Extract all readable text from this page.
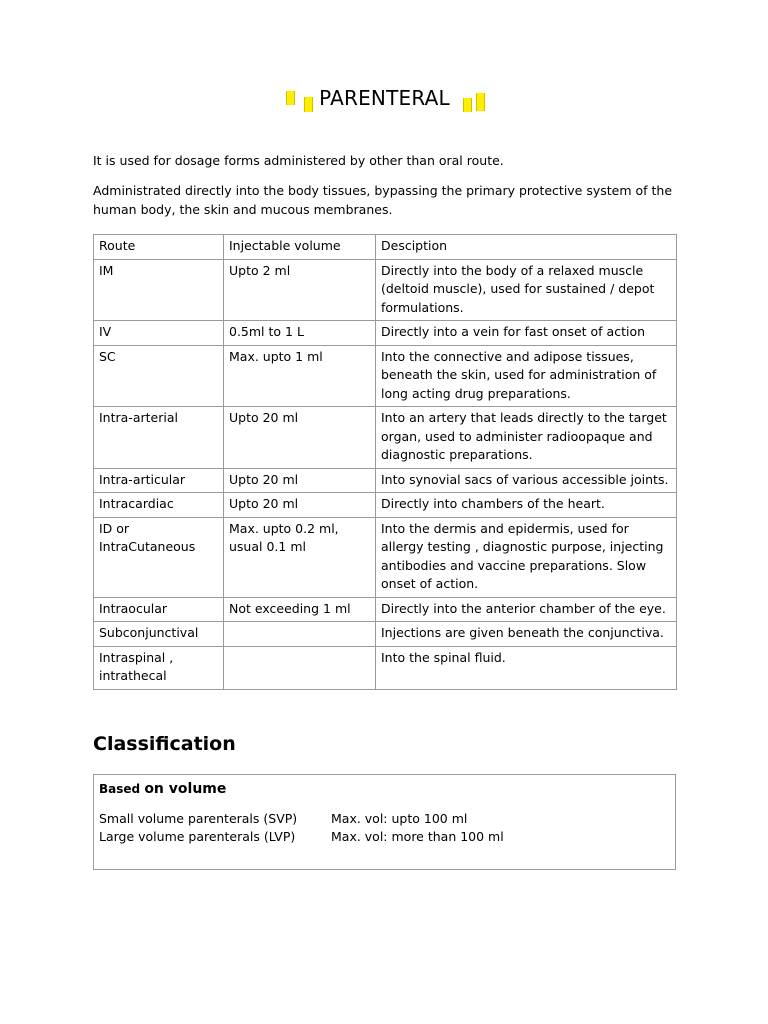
PARENTERAL
It is used for dosage forms administered by other than oral route.
Administrated directly into the body tissues, bypassing the primary protective system of the human body, the skin and mucous membranes.
Route	Injectable volume	Desciption
IM	Upto 2 ml	Directly into the body of a relaxed muscle (deltoid muscle), used for sustained / depot formulations.
IV	0.5ml to 1 L	Directly into a vein for fast onset of action
SC	Max. upto 1 ml	Into the connective and adipose tissues, beneath the skin, used for administration of long acting drug preparations.
Intra-arterial	Upto 20 ml	Into an artery that leads directly to the target organ, used to administer radioopaque and diagnostic preparations.
Intra-articular	Upto 20 ml	Into synovial sacs of various accessible joints.
Intracardiac	Upto 20 ml	Directly into chambers of the heart.
ID or IntraCutaneous	Max. upto 0.2 ml, usual 0.1 ml	Into the dermis and epidermis, used for allergy testing , diagnostic purpose, injecting antibodies and vaccine preparations. Slow onset of action.
Intraocular	Not exceeding 1 ml	Directly into the anterior chamber of the eye.
Subconjunctival		Injections are given beneath the conjunctiva.
Intraspinal , intrathecal		Into the spinal fluid.
Classification
Based on volume
Small volume parenterals (SVP)	Max. vol: upto 100 ml
Large volume parenterals (LVP)	Max. vol: more than 100 ml
